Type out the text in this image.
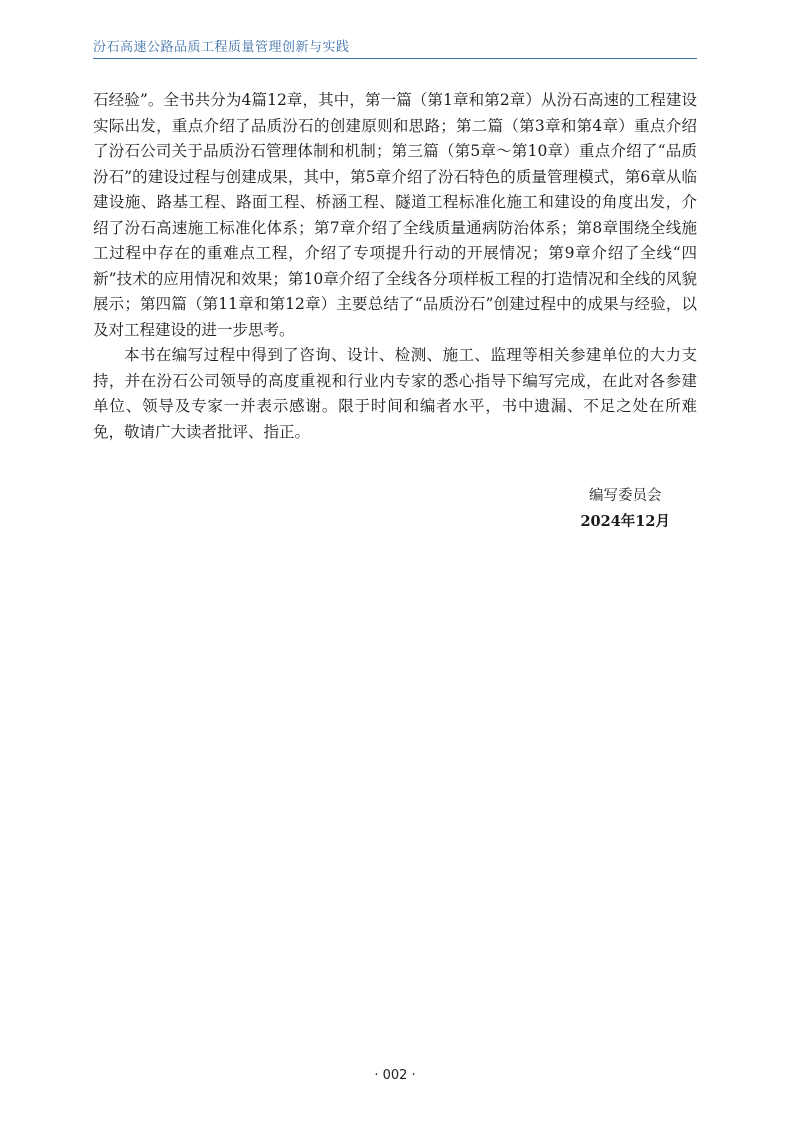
汾石高速公路品质工程质量管理创新与实践

石经验”。全书共分为4篇12章，其中，第一篇（第1章和第2章）从汾石高速的工程建设实际出发，重点介绍了品质汾石的创建原则和思路；第二篇（第3章和第4章）重点介绍了汾石公司关于品质汾石管理体制和机制；第三篇（第5章～第10章）重点介绍了“品质汾石”的建设过程与创建成果，其中，第5章介绍了汾石特色的质量管理模式，第6章从临建设施、路基工程、路面工程、桥涵工程、隧道工程标准化施工和建设的角度出发，介绍了汾石高速施工标准化体系；第7章介绍了全线质量通病防治体系；第8章围绕全线施工过程中存在的重难点工程，介绍了专项提升行动的开展情况；第9章介绍了全线“四新”技术的应用情况和效果；第10章介绍了全线各分项样板工程的打造情况和全线的风貌展示；第四篇（第11章和第12章）主要总结了“品质汾石”创建过程中的成果与经验，以及对工程建设的进一步思考。

本书在编写过程中得到了咨询、设计、检测、施工、监理等相关参建单位的大力支持，并在汾石公司领导的高度重视和行业内专家的悉心指导下编写完成，在此对各参建单位、领导及专家一并表示感谢。限于时间和编者水平，书中遗漏、不足之处在所难免，敬请广大读者批评、指正。

编写委员会
2024年12月
· 002 ·
